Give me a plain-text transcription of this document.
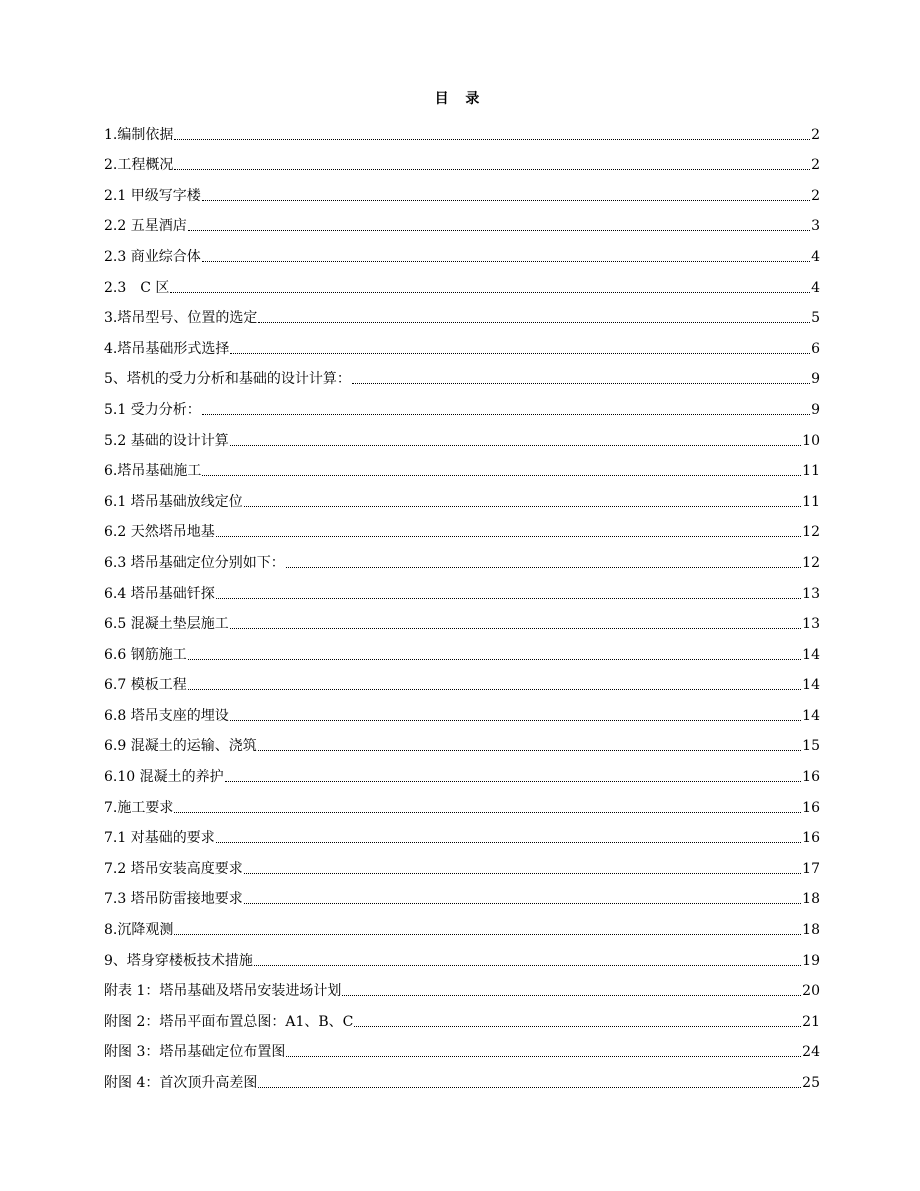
目 录
1.编制依据	2
2.工程概况	2
2.1 甲级写字楼	2
2.2 五星酒店	3
2.3 商业综合体	4
2.3　C 区	4
3.塔吊型号、位置的选定	5
4.塔吊基础形式选择	6
5、塔机的受力分析和基础的设计计算：	9
5.1 受力分析：	9
5.2 基础的设计计算	10
6.塔吊基础施工	11
6.1 塔吊基础放线定位	11
6.2 天然塔吊地基	12
6.3 塔吊基础定位分别如下：	12
6.4 塔吊基础钎探	13
6.5 混凝土垫层施工	13
6.6 钢筋施工	14
6.7 模板工程	14
6.8 塔吊支座的埋设	14
6.9 混凝土的运输、浇筑	15
6.10 混凝土的养护	16
7.施工要求	16
7.1 对基础的要求	16
7.2 塔吊安装高度要求	17
7.3 塔吊防雷接地要求	18
8.沉降观测	18
9、塔身穿楼板技术措施	19
附表 1：塔吊基础及塔吊安装进场计划	20
附图 2：塔吊平面布置总图：A1、B、C	21
附图 3：塔吊基础定位布置图	24
附图 4：首次顶升高差图	25
